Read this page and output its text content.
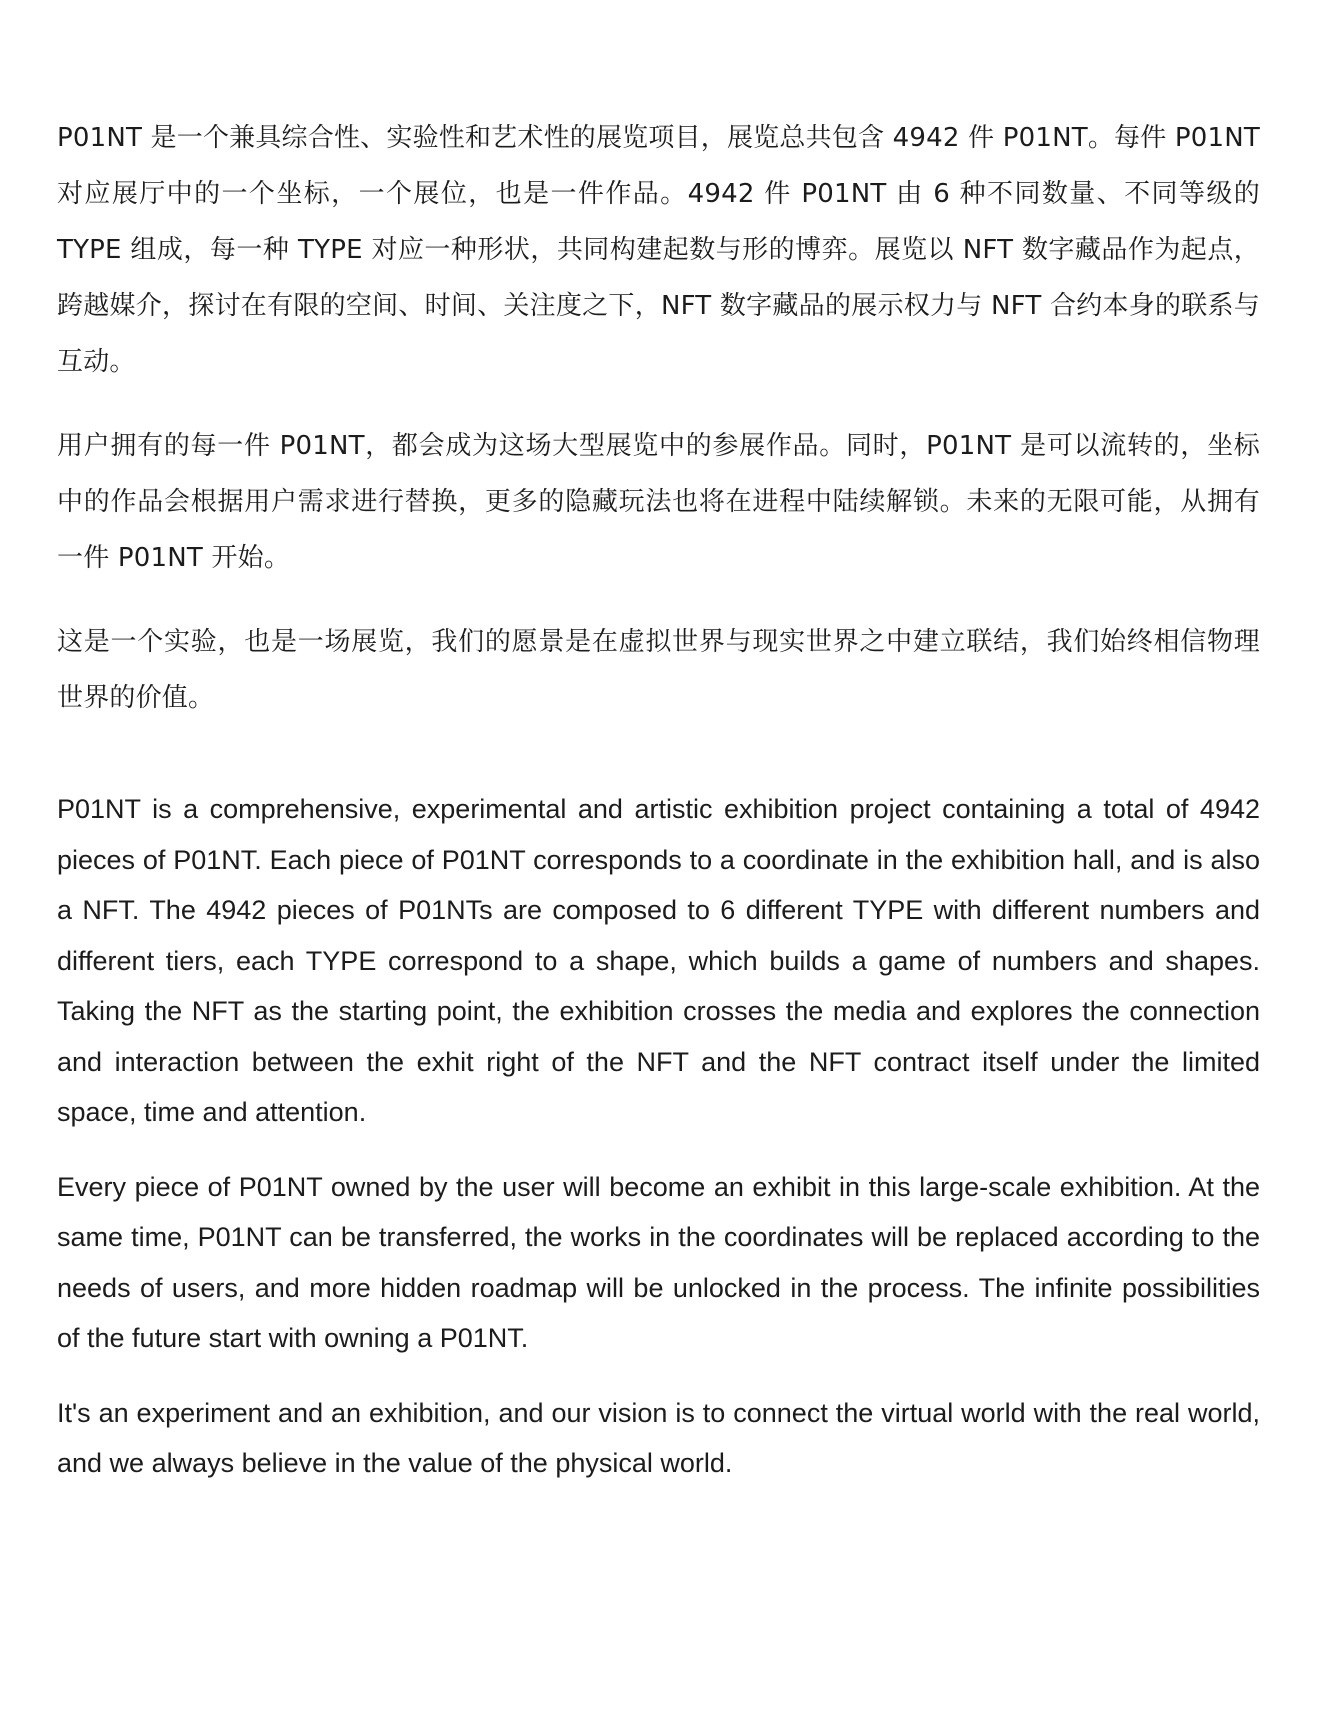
P01NT 是一个兼具综合性、实验性和艺术性的展览项目，展览总共包含 4942 件 P01NT。每件 P01NT 对应展厅中的一个坐标，一个展位，也是一件作品。4942 件 P01NT 由 6 种不同数量、不同等级的 TYPE 组成，每一种 TYPE 对应一种形状，共同构建起数与形的博弈。展览以 NFT 数字藏品作为起点，跨越媒介，探讨在有限的空间、时间、关注度之下，NFT 数字藏品的展示权力与 NFT 合约本身的联系与互动。

用户拥有的每一件 P01NT，都会成为这场大型展览中的参展作品。同时，P01NT 是可以流转的，坐标中的作品会根据用户需求进行替换，更多的隐藏玩法也将在进程中陆续解锁。未来的无限可能，从拥有一件 P01NT 开始。

这是一个实验，也是一场展览，我们的愿景是在虚拟世界与现实世界之中建立联结，我们始终相信物理世界的价值。

P01NT is a comprehensive, experimental and artistic exhibition project containing a total of 4942 pieces of P01NT. Each piece of P01NT corresponds to a coordinate in the exhibition hall, and is also a NFT. The 4942 pieces of P01NTs are composed to 6 different TYPE with different numbers and different tiers, each TYPE correspond to a shape, which builds a game of numbers and shapes. Taking the NFT as the starting point, the exhibition crosses the media and explores the connection and interaction between the exhit right of the NFT and the NFT contract itself under the limited space, time and attention.

Every piece of P01NT owned by the user will become an exhibit in this large-scale exhibition. At the same time, P01NT can be transferred, the works in the coordinates will be replaced according to the needs of users, and more hidden roadmap will be unlocked in the process. The infinite possibilities of the future start with owning a P01NT.

It's an experiment and an exhibition, and our vision is to connect the virtual world with the real world, and we always believe in the value of the physical world.
